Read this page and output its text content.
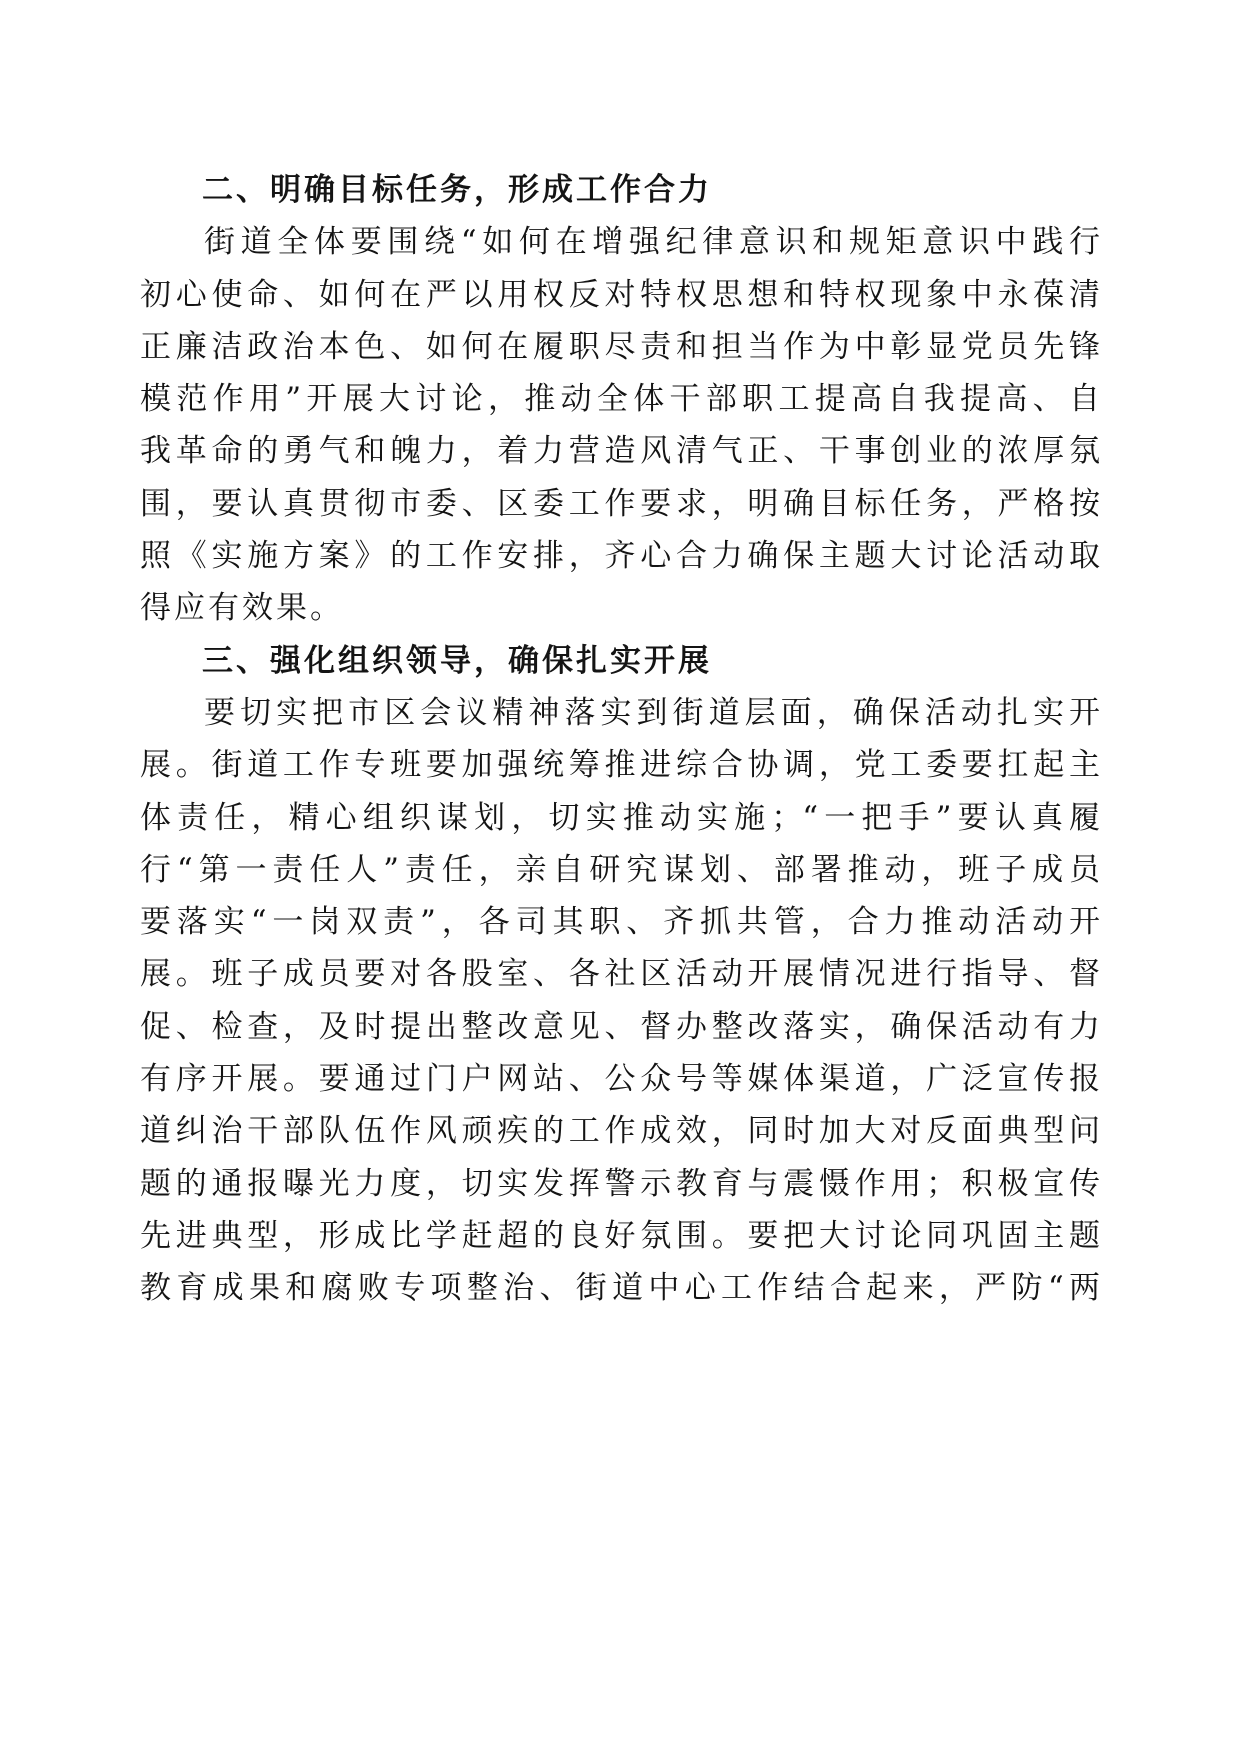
二、明确目标任务，形成工作合力
街道全体要围绕“如何在增强纪律意识和规矩意识中践行
初心使命、如何在严以用权反对特权思想和特权现象中永葆清
正廉洁政治本色、如何在履职尽责和担当作为中彰显党员先锋
模范作用”开展大讨论，推动全体干部职工提高自我提高、自
我革命的勇气和魄力，着力营造风清气正、干事创业的浓厚氛
围，要认真贯彻市委、区委工作要求，明确目标任务，严格按
照《实施方案》的工作安排，齐心合力确保主题大讨论活动取
得应有效果。
三、强化组织领导，确保扎实开展
要切实把市区会议精神落实到街道层面，确保活动扎实开
展。街道工作专班要加强统筹推进综合协调，党工委要扛起主
体责任，精心组织谋划，切实推动实施；“一把手”要认真履
行“第一责任人”责任，亲自研究谋划、部署推动，班子成员
要落实“一岗双责”，各司其职、齐抓共管，合力推动活动开
展。班子成员要对各股室、各社区活动开展情况进行指导、督
促、检查，及时提出整改意见、督办整改落实，确保活动有力
有序开展。要通过门户网站、公众号等媒体渠道，广泛宣传报
道纠治干部队伍作风顽疾的工作成效，同时加大对反面典型问
题的通报曝光力度，切实发挥警示教育与震慑作用；积极宣传
先进典型，形成比学赶超的良好氛围。要把大讨论同巩固主题
教育成果和腐败专项整治、街道中心工作结合起来，严防“两
